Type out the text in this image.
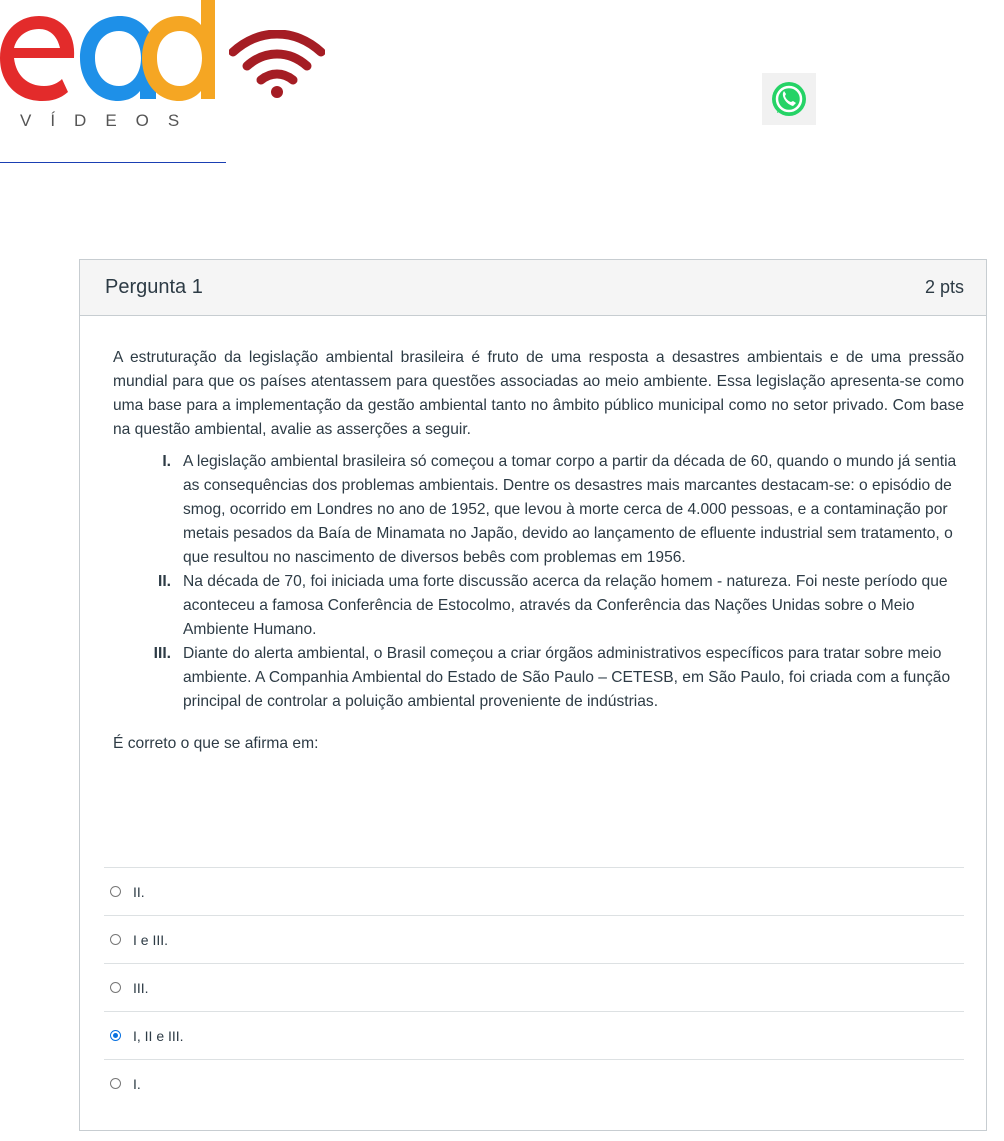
VÍDEOS
Pergunta 1	2 pts

A estruturação da legislação ambiental brasileira é fruto de uma resposta a desastres ambientais e de uma pressão mundial para que os países atentassem para questões associadas ao meio ambiente. Essa legislação apresenta-se como uma base para a implementação da gestão ambiental tanto no âmbito público municipal como no setor privado. Com base na questão ambiental, avalie as asserções a seguir.

I. A legislação ambiental brasileira só começou a tomar corpo a partir da década de 60, quando o mundo já sentia as consequências dos problemas ambientais. Dentre os desastres mais marcantes destacam-se: o episódio de smog, ocorrido em Londres no ano de 1952, que levou à morte cerca de 4.000 pessoas, e a contaminação por metais pesados da Baía de Minamata no Japão, devido ao lançamento de efluente industrial sem tratamento, o que resultou no nascimento de diversos bebês com problemas em 1956.
II. Na década de 70, foi iniciada uma forte discussão acerca da relação homem - natureza. Foi neste período que aconteceu a famosa Conferência de Estocolmo, através da Conferência das Nações Unidas sobre o Meio Ambiente Humano.
III. Diante do alerta ambiental, o Brasil começou a criar órgãos administrativos específicos para tratar sobre meio ambiente. A Companhia Ambiental do Estado de São Paulo – CETESB, em São Paulo, foi criada com a função principal de controlar a poluição ambiental proveniente de indústrias.

É correto o que se afirma em:

II.
I e III.
III.
I, II e III.
I.
